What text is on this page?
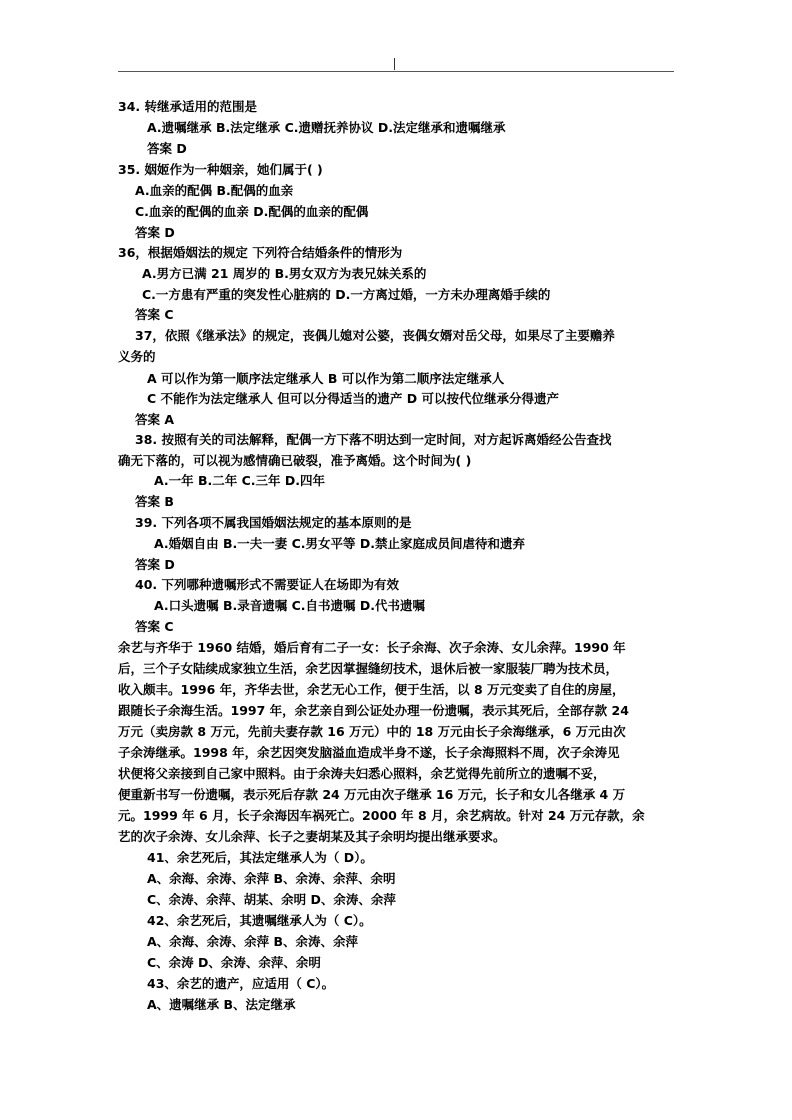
34. 转继承适用的范围是
A.遗嘱继承 B.法定继承 C.遗赠抚养协议 D.法定继承和遗嘱继承
答案 D
35. 姻姬作为一种姻亲，她们属于( )
A.血亲的配偶 B.配偶的血亲
C.血亲的配偶的血亲 D.配偶的血亲的配偶
答案 D
36，根据婚姻法的规定 下列符合结婚条件的情形为
A.男方已满 21 周岁的 B.男女双方为表兄妹关系的
C.一方患有严重的突发性心脏病的 D.一方离过婚，一方未办理离婚手续的
答案 C
37，依照《继承法》的规定，丧偶儿媳对公婆，丧偶女婿对岳父母，如果尽了主要赡养
义务的
A 可以作为第一顺序法定继承人 B 可以作为第二顺序法定继承人
C 不能作为法定继承人 但可以分得适当的遗产 D 可以按代位继承分得遗产
答案 A
38. 按照有关的司法解释，配偶一方下落不明达到一定时间，对方起诉离婚经公告查找
确无下落的，可以视为感情确已破裂，准予离婚。这个时间为( )
A.一年 B.二年 C.三年 D.四年
答案 B
39. 下列各项不属我国婚姻法规定的基本原则的是
A.婚姻自由 B.一夫一妻 C.男女平等 D.禁止家庭成员间虐待和遗弃
答案 D
40. 下列哪种遗嘱形式不需要证人在场即为有效
A.口头遗嘱 B.录音遗嘱 C.自书遗嘱 D.代书遗嘱
答案 C
余艺与齐华于 1960 结婚，婚后育有二子一女：长子余海、次子余涛、女儿余萍。1990 年
后，三个子女陆续成家独立生活，余艺因掌握缝纫技术，退休后被一家服装厂聘为技术员，
收入颇丰。1996 年，齐华去世，余艺无心工作，便于生活，以 8 万元变卖了自住的房屋，
跟随长子余海生活。1997 年，余艺亲自到公证处办理一份遗嘱，表示其死后，全部存款 24
万元（卖房款 8 万元，先前夫妻存款 16 万元）中的 18 万元由长子余海继承，6 万元由次
子余涛继承。1998 年，余艺因突发脑溢血造成半身不遂，长子余海照料不周，次子余涛见
状便将父亲接到自己家中照料。由于余涛夫妇悉心照料，余艺觉得先前所立的遗嘱不妥，
便重新书写一份遗嘱，表示死后存款 24 万元由次子继承 16 万元，长子和女儿各继承 4 万
元。1999 年 6 月，长子余海因车祸死亡。2000 年 8 月，余艺病故。针对 24 万元存款，余
艺的次子余涛、女儿余萍、长子之妻胡某及其子余明均提出继承要求。
41、余艺死后，其法定继承人为（ D）。
A、余海、余涛、余萍 B、余涛、余萍、余明
C、余涛、余萍、胡某、余明 D、余涛、余萍
42、余艺死后，其遗嘱继承人为（ C）。
A、余海、余涛、余萍 B、余涛、余萍
C、余涛 D、余涛、余萍、余明
43、余艺的遗产，应适用（ C）。
A、遗嘱继承 B、法定继承
